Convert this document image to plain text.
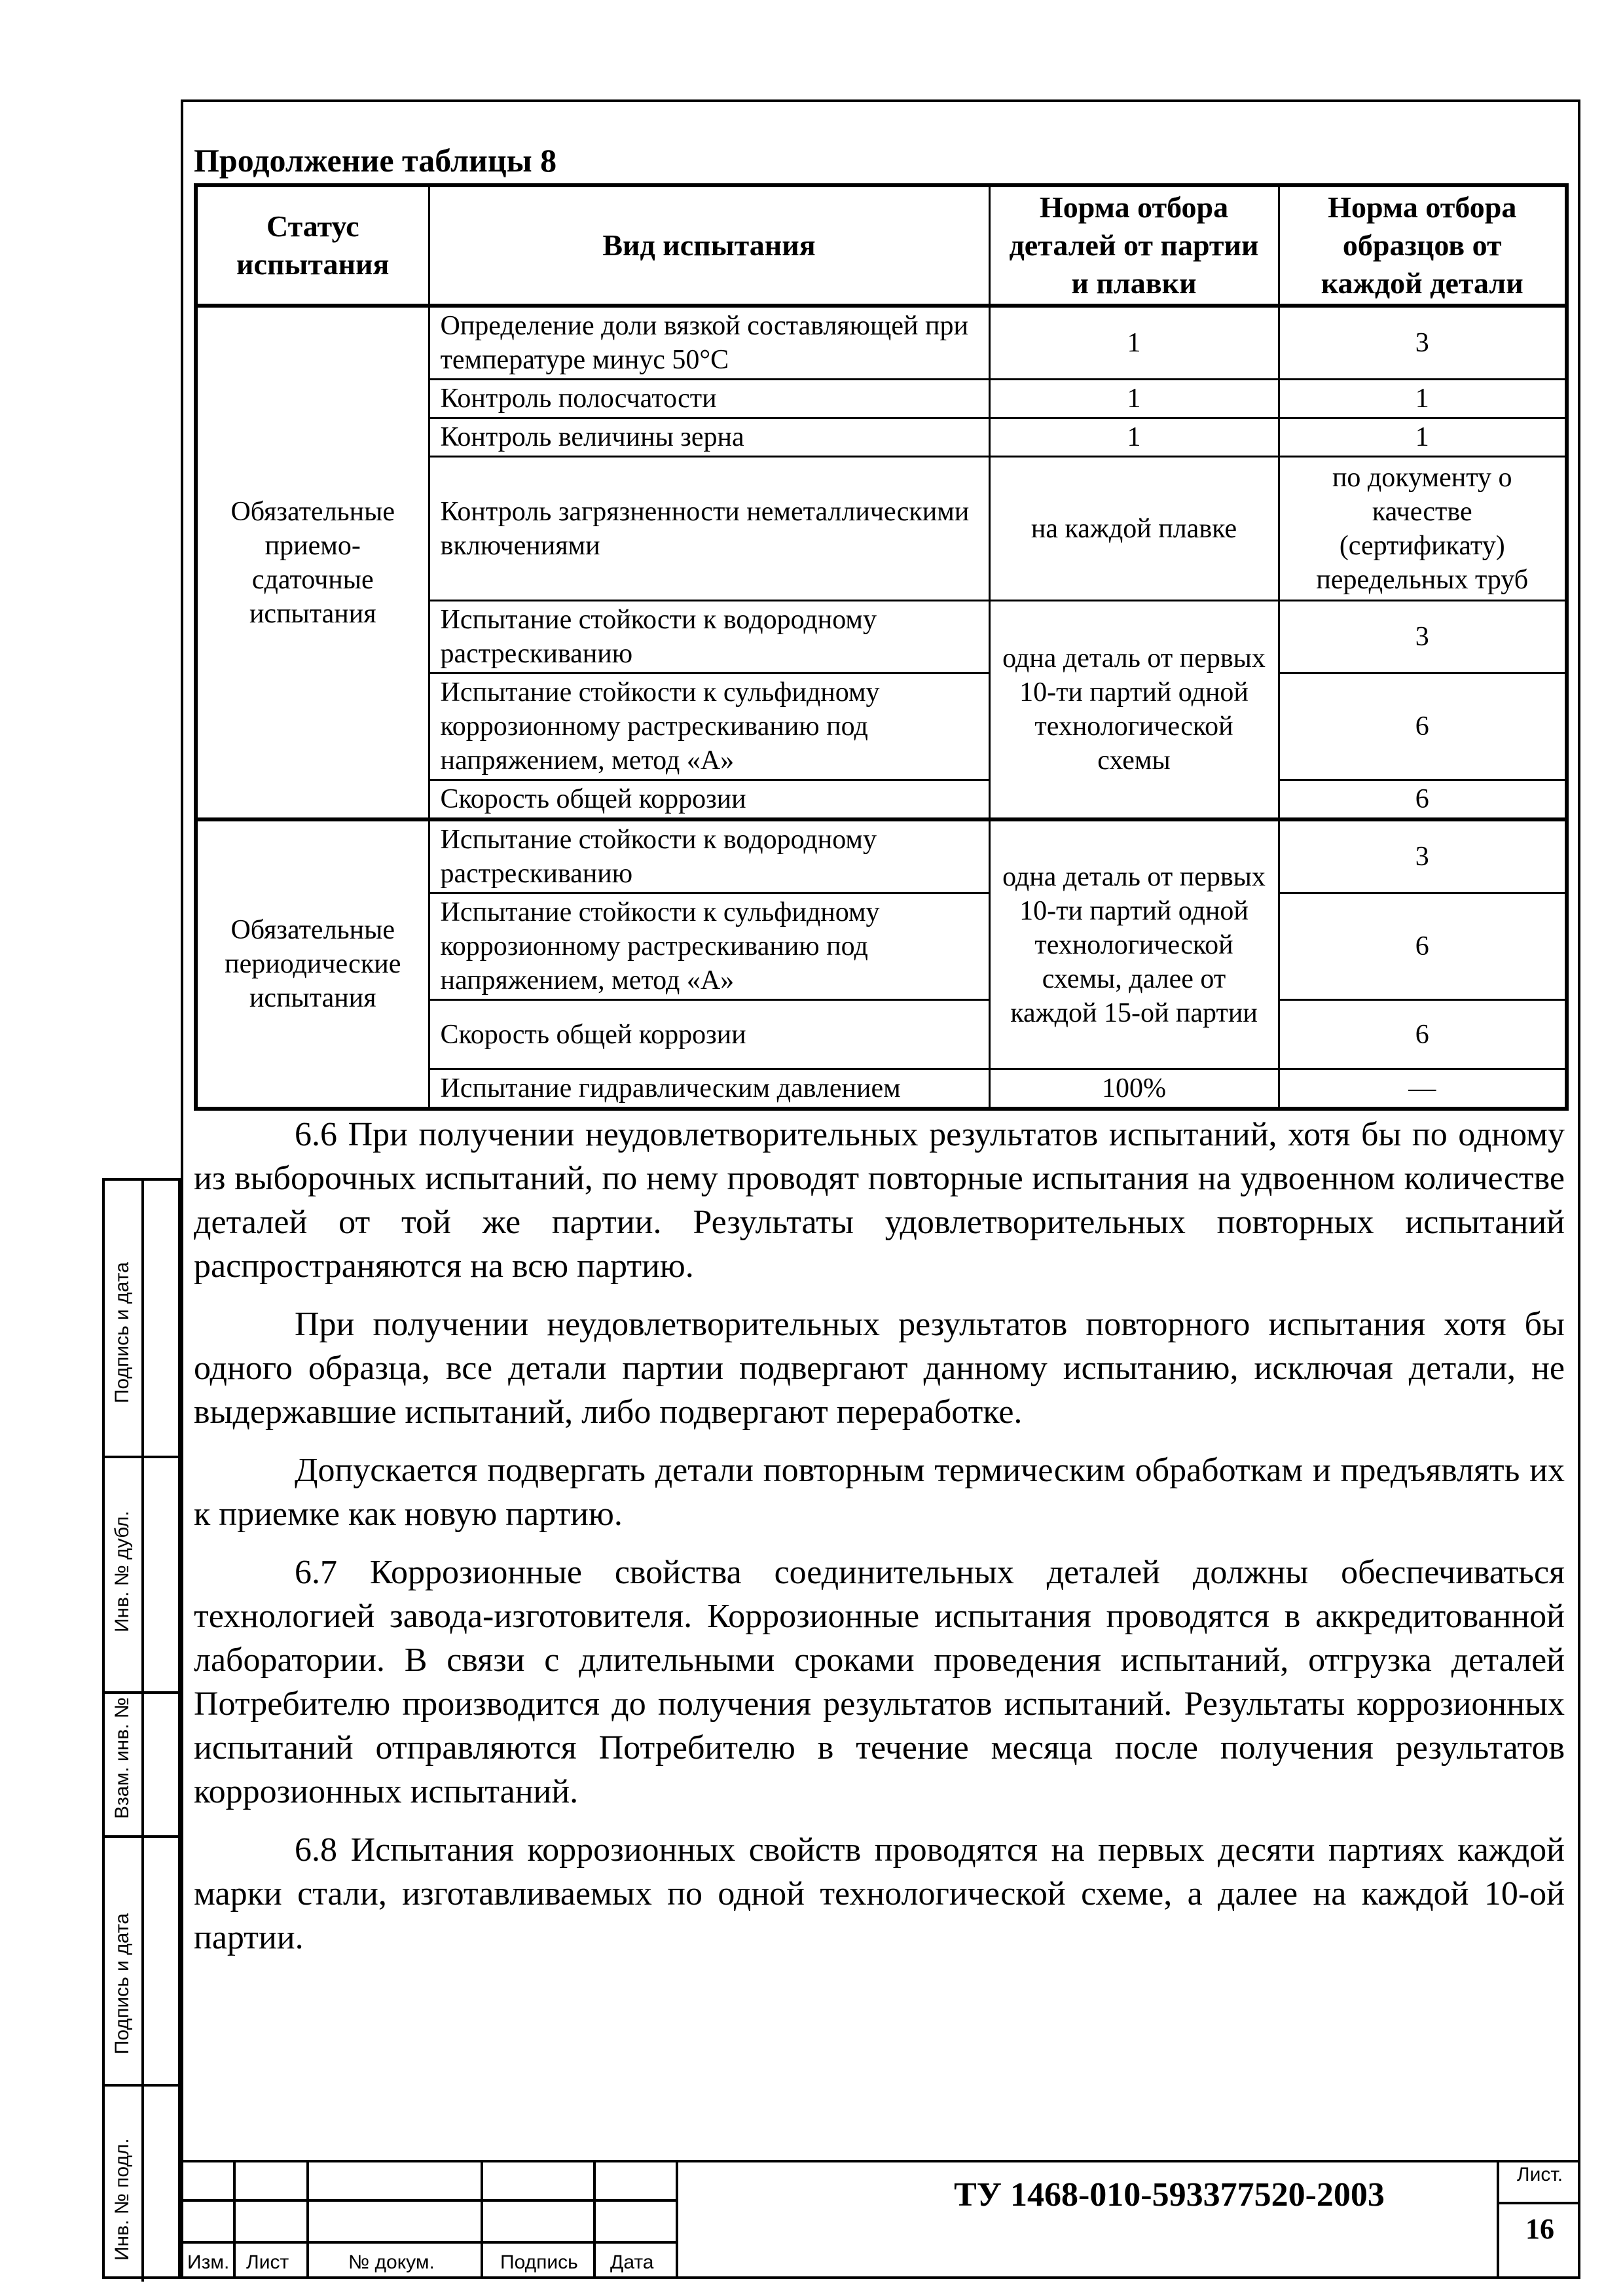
Продолжение таблицы 8
Статус испытания	Вид испытания	Норма отбора деталей от партии и плавки	Норма отбора образцов от каждой детали
Обязательные приемо-сдаточные испытания	Определение доли вязкой составляющей при температуре минус 50°С	1	3
	Контроль полосчатости	1	1
	Контроль величины зерна	1	1
	Контроль загрязненности неметаллическими включениями	на каждой плавке	по документу о качестве (сертификату) передельных труб
	Испытание стойкости к водородному растрескиванию	одна деталь от первых 10-ти партий одной технологической схемы	3
	Испытание стойкости к сульфидному коррозионному растрескиванию под напряжением, метод «А»		6
	Скорость общей коррозии		6
Обязательные периодические испытания	Испытание стойкости к водородному растрескиванию	одна деталь от первых 10-ти партий одной технологической схемы, далее от каждой 15-ой партии	3
	Испытание стойкости к сульфидному коррозионному растрескиванию под напряжением, метод «А»		6
	Скорость общей коррозии		6
	Испытание гидравлическим давлением	100%	—

6.6 При получении неудовлетворительных результатов испытаний, хотя бы по одному из выборочных испытаний, по нему проводят повторные испытания на удвоенном количестве деталей от той же партии. Результаты удовлетворительных повторных испытаний распространяются на всю партию.

При получении неудовлетворительных результатов повторного испытания хотя бы одного образца, все детали партии подвергают данному испытанию, исключая детали, не выдержавшие испытаний, либо подвергают переработке.

Допускается подвергать детали повторным термическим обработкам и предъявлять их к приемке как новую партию.

6.7 Коррозионные свойства соединительных деталей должны обеспечиваться технологией завода-изготовителя. Коррозионные испытания проводятся в аккредитованной лаборатории. В связи с длительными сроками проведения испытаний, отгрузка деталей Потребителю производится до получения результатов испытаний. Результаты коррозионных испытаний отправляются Потребителю в течение месяца после получения результатов коррозионных испытаний.

6.8 Испытания коррозионных свойств проводятся на первых десяти партиях каждой марки стали, изготавливаемых по одной технологической схеме, а далее на каждой 10-ой партии.

Подпись и дата
Инв. № дубл.
Взам. инв. №
Подпись и дата
Инв. № подл.
Изм. Лист	№ докум.	Подпись Дата
ТУ 1468-010-593377520-2003
Лист.
16
